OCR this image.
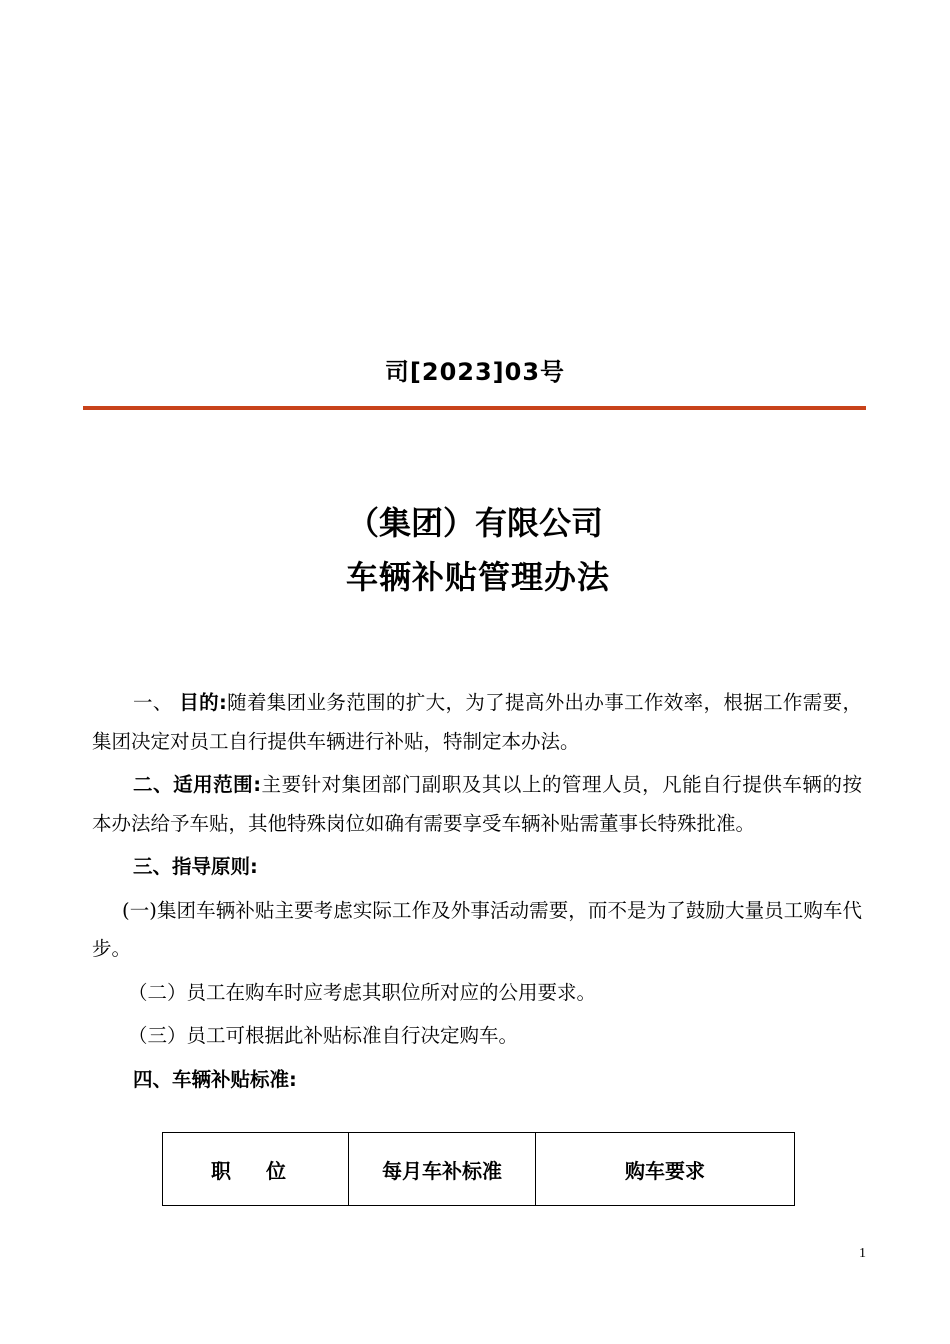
司[2023]03号
（集团）有限公司
车辆补贴管理办法

一、 目的:随着集团业务范围的扩大，为了提高外出办事工作效率，根据工作需要，集团决定对员工自行提供车辆进行补贴，特制定本办法。

二、适用范围:主要针对集团部门副职及其以上的管理人员，凡能自行提供车辆的按本办法给予车贴，其他特殊岗位如确有需要享受车辆补贴需董事长特殊批准。

三、指导原则:

(一)集团车辆补贴主要考虑实际工作及外事活动需要，而不是为了鼓励大量员工购车代步。

（二）员工在购车时应考虑其职位所对应的公用要求。

（三）员工可根据此补贴标准自行决定购车。

四、车辆补贴标准:

职 位	每月车补标准	购车要求
1
